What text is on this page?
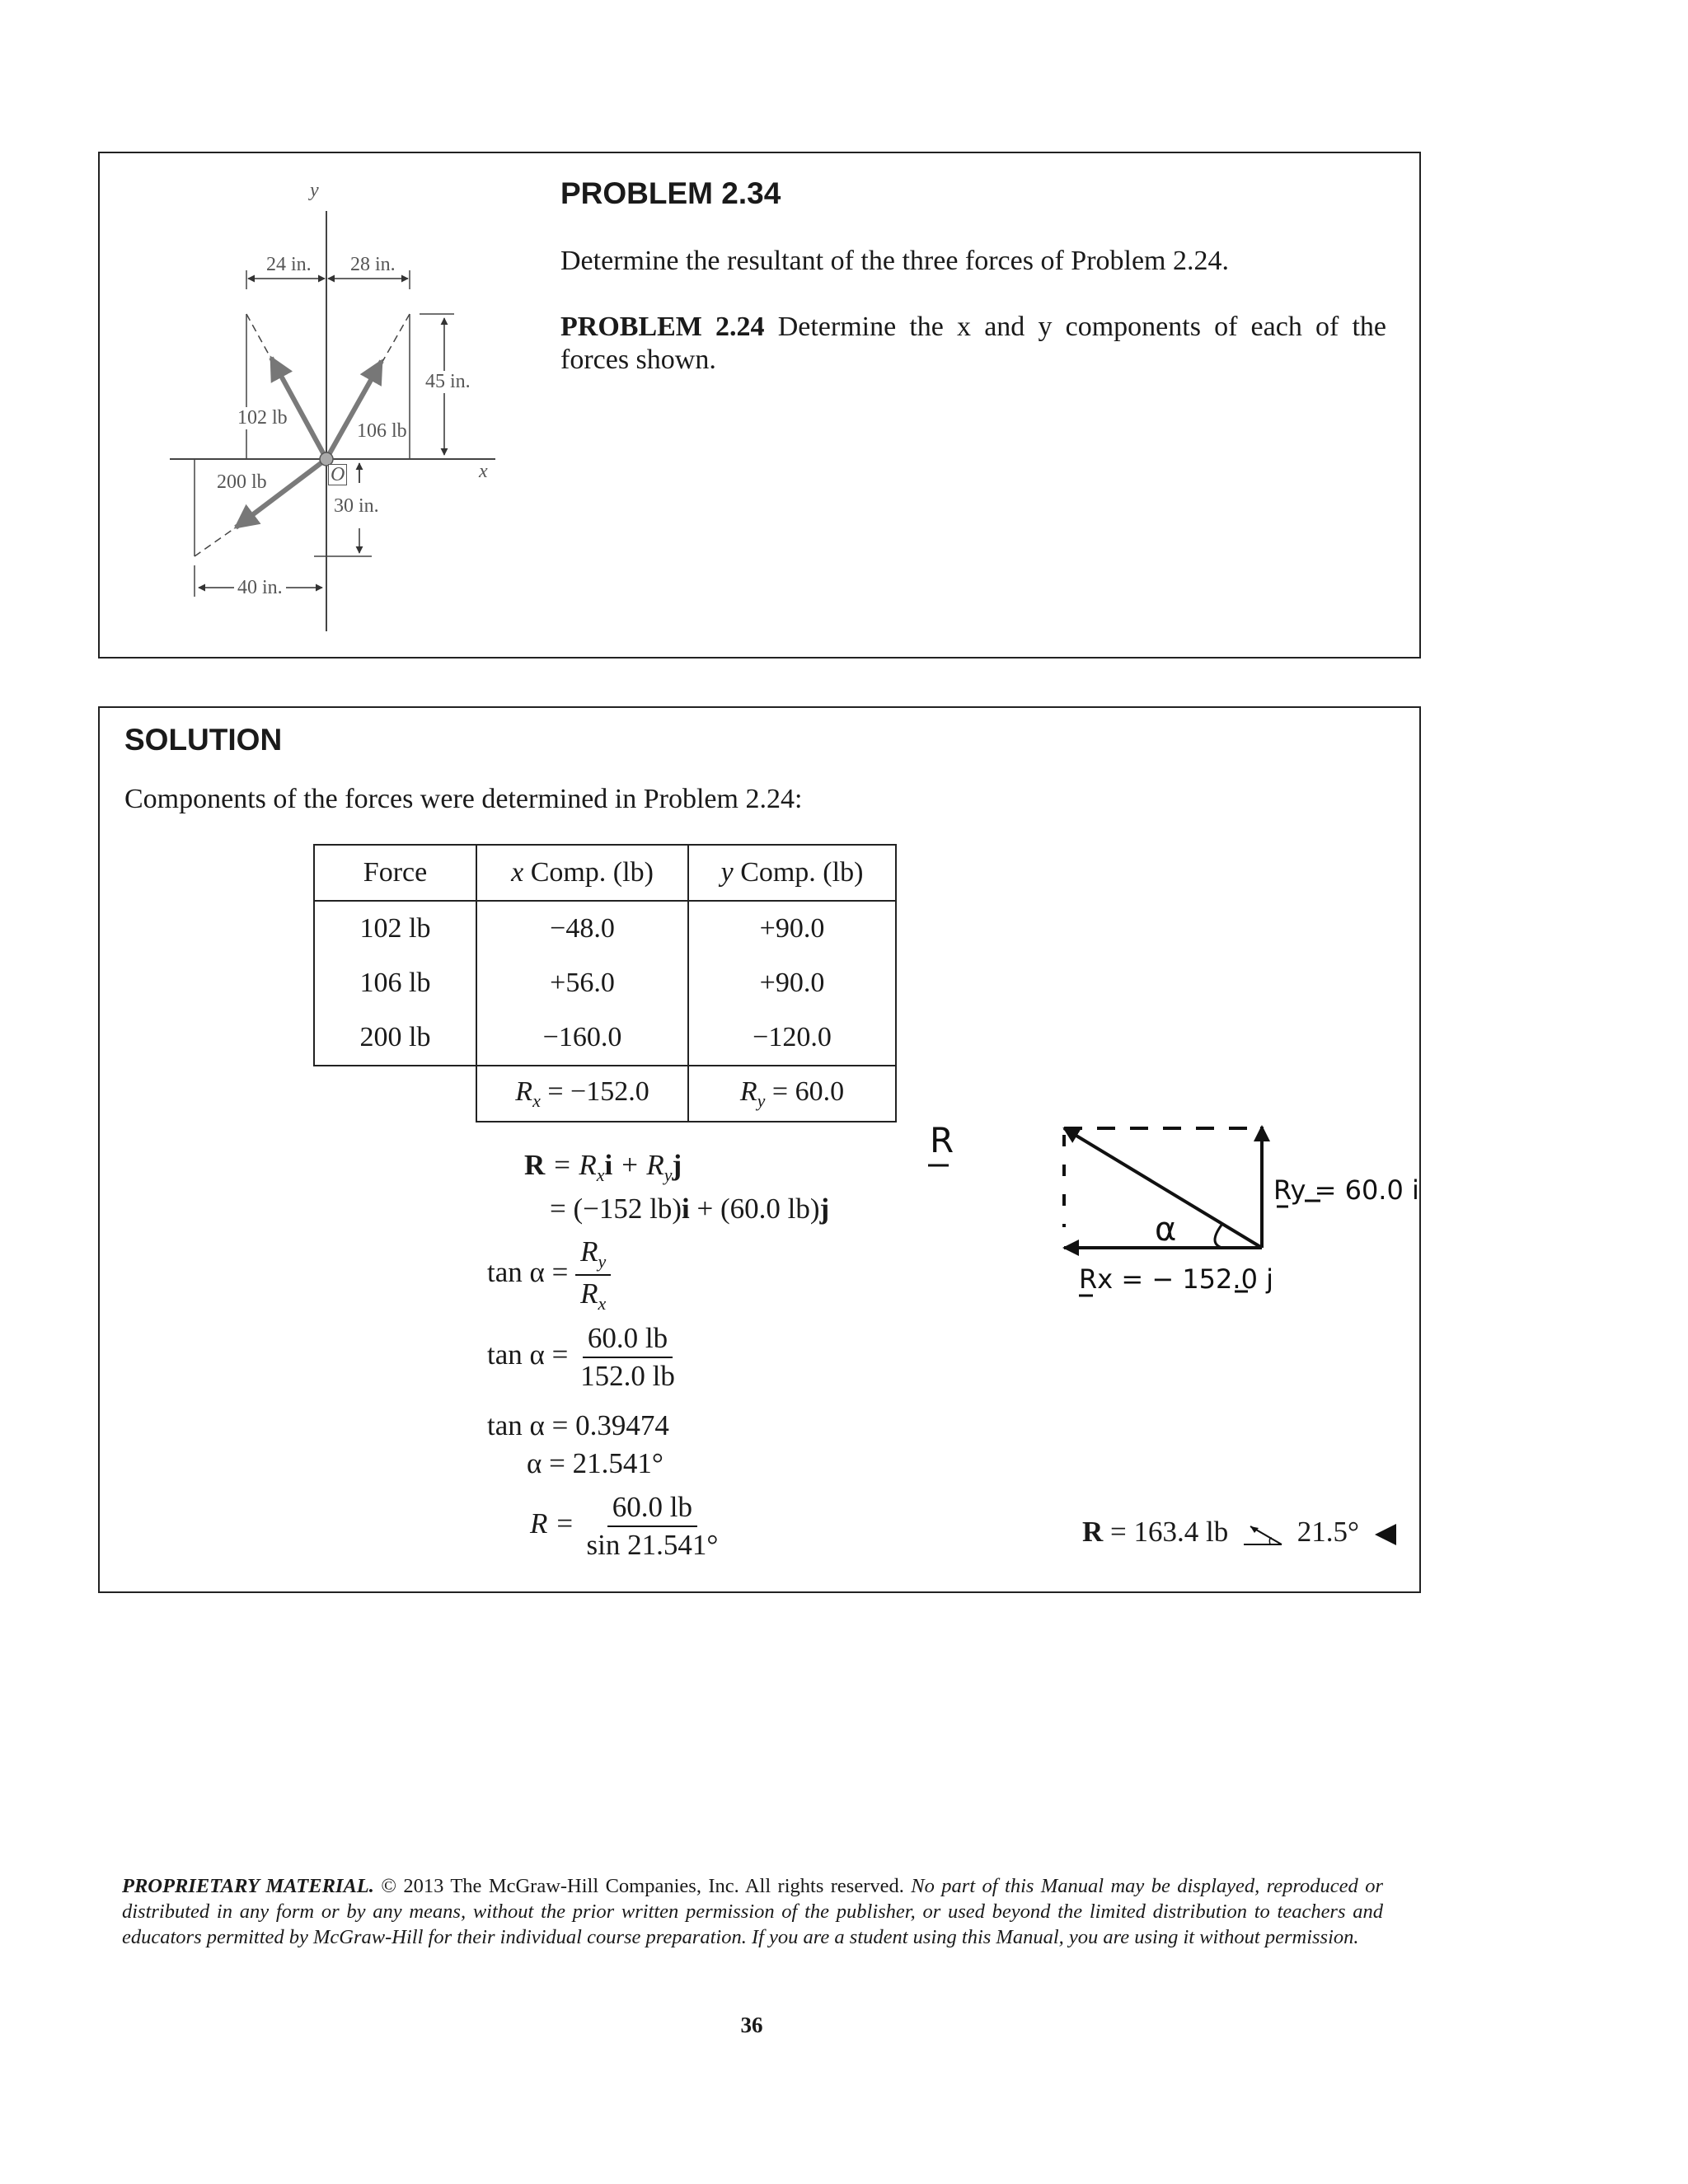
y
x
O
24 in. 28 in.
45 in.
30 in.
40 in.
102 lb
106 lb
200 lb
PROBLEM 2.34
Determine the resultant of the three forces of Problem 2.24.
PROBLEM 2.24 Determine the x and y components of each of the forces shown.
SOLUTION
Components of the forces were determined in Problem 2.24:
Force	x Comp. (lb)	y Comp. (lb)
102 lb	−48.0	+90.0
106 lb	+56.0	+90.0
200 lb	−160.0	−120.0
	$R_x = -152.0$	$R_y = 60.0$
$R = R_xi + R_yj$
= (−152 lb)i + (60.0 lb)j
$\tan \alpha = \frac{R_y}{R_x}$
$\tan \alpha = \frac{60.0 lb}{152.0 lb}$
tan α = 0.39474
α = 21.541°
$R = \frac{60.0 lb}{\sin 21.541^\circ}$
R
Ry = 60.0 i
Rx = − 152.0 j
α
R = 163.4 lb 21.5°
PROPRIETARY MATERIAL. © 2013 The McGraw-Hill Companies, Inc. All rights reserved. No part of this Manual may be displayed, reproduced or distributed in any form or by any means, without the prior written permission of the publisher, or used beyond the limited distribution to teachers and educators permitted by McGraw-Hill for their individual course preparation. If you are a student using this Manual, you are using it without permission.
36
